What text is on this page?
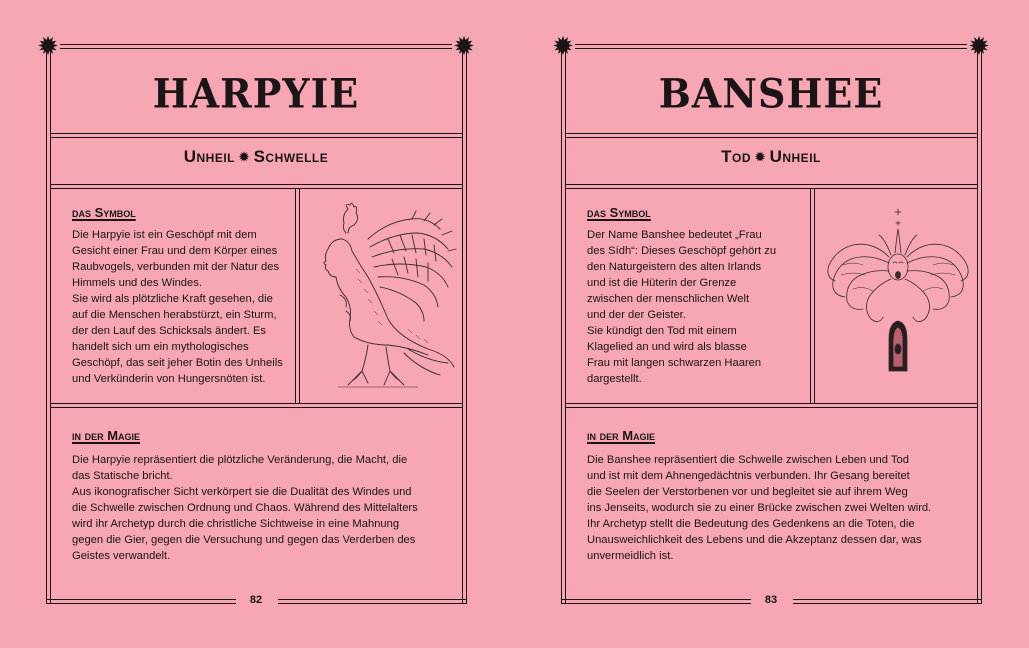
✹	✹
HARPYIE
Unheil ✹ Schwelle
das Symbol

Die Harpyie ist ein Geschöpf mit dem

Gesicht einer Frau und dem Körper eines

Raubvogels, verbunden mit der Natur des

Himmels und des Windes.

Sie wird als plötzliche Kraft gesehen, die

auf die Menschen herabstürzt, ein Sturm,

der den Lauf des Schicksals ändert. Es

handelt sich um ein mythologisches

Geschöpf, das seit jeher Botin des Unheils

und Verkünderin von Hungersnöten ist.

in der Magie

Die Harpyie repräsentiert die plötzliche Veränderung, die Macht, die

das Statische bricht.

Aus ikonografischer Sicht verkörpert sie die Dualität des Windes und

die Schwelle zwischen Ordnung und Chaos. Während des Mittelalters

wird ihr Archetyp durch die christliche Sichtweise in eine Mahnung

gegen die Gier, gegen die Versuchung und gegen das Verderben des

Geistes verwandelt.

82
✹	✹
BANSHEE
Tod ✹ Unheil
das Symbol

Der Name Banshee bedeutet „Frau

des Sídh“: Dieses Geschöpf gehört zu

den Naturgeistern des alten Irlands

und ist die Hüterin der Grenze

zwischen der menschlichen Welt

und der der Geister.

Sie kündigt den Tod mit einem

Klagelied an und wird als blasse

Frau mit langen schwarzen Haaren

dargestellt.

in der Magie

Die Banshee repräsentiert die Schwelle zwischen Leben und Tod

und ist mit dem Ahnengedächtnis verbunden. Ihr Gesang bereitet

die Seelen der Verstorbenen vor und begleitet sie auf ihrem Weg

ins Jenseits, wodurch sie zu einer Brücke zwischen zwei Welten wird.

Ihr Archetyp stellt die Bedeutung des Gedenkens an die Toten, die

Unausweichlichkeit des Lebens und die Akzeptanz dessen dar, was

unvermeidlich ist.

83
